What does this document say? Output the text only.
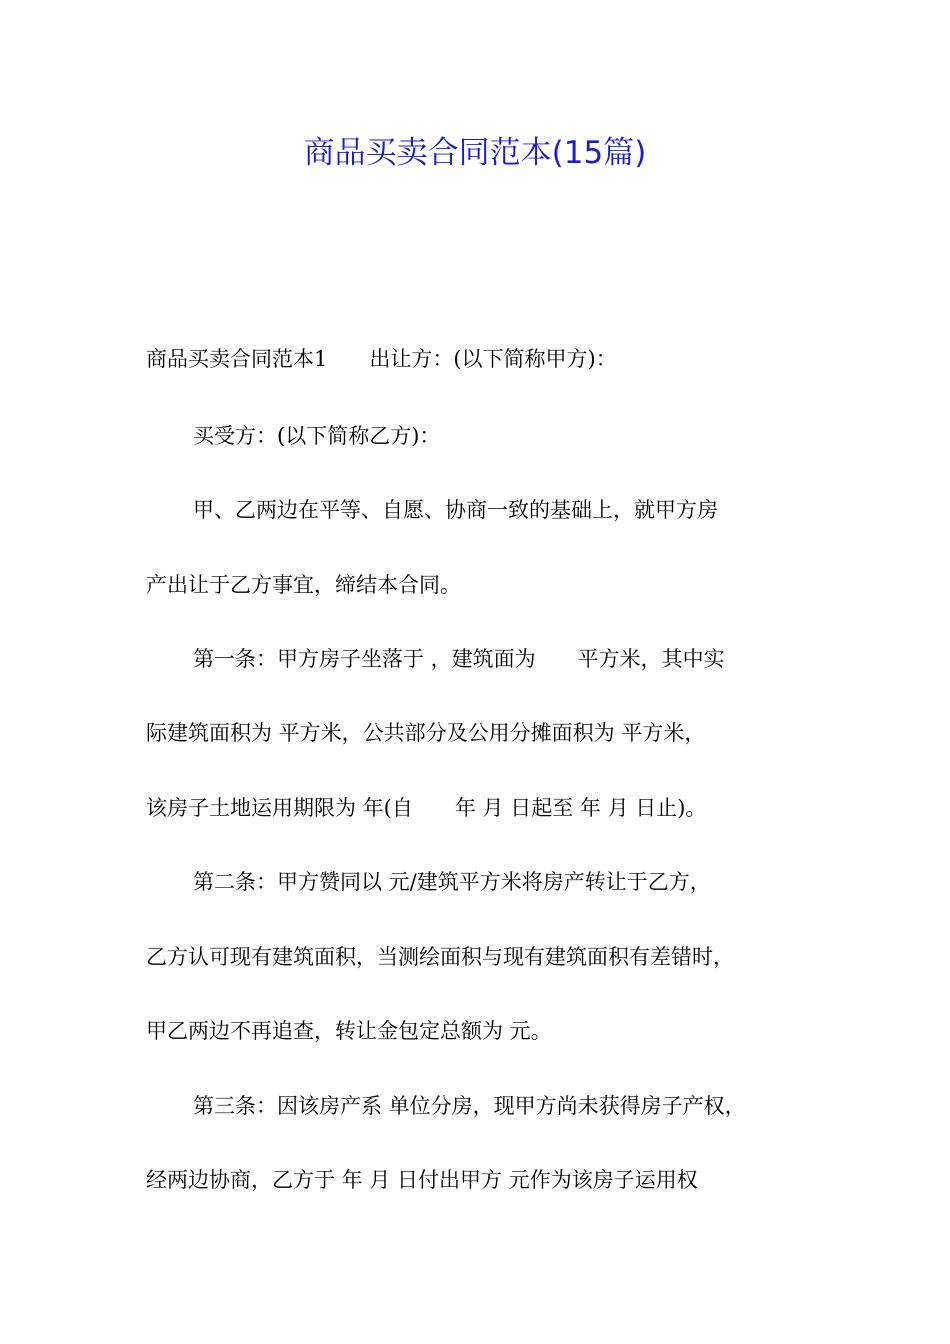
商品买卖合同范本(15篇)
商品买卖合同范本1　　出让方：(以下简称甲方)：
买受方：(以下简称乙方)：
甲、乙两边在平等、自愿、协商一致的基础上，就甲方房
产出让于乙方事宜，缔结本合同。
第一条：甲方房子坐落于 ，建筑面为　　平方米，其中实
际建筑面积为 平方米，公共部分及公用分摊面积为 平方米，
该房子土地运用期限为 年(自　　年 月 日起至 年 月 日止)。
第二条：甲方赞同以 元/建筑平方米将房产转让于乙方，
乙方认可现有建筑面积，当测绘面积与现有建筑面积有差错时，
甲乙两边不再追查，转让金包定总额为 元。
第三条：因该房产系 单位分房，现甲方尚未获得房子产权，
经两边协商，乙方于 年 月 日付出甲方 元作为该房子运用权
